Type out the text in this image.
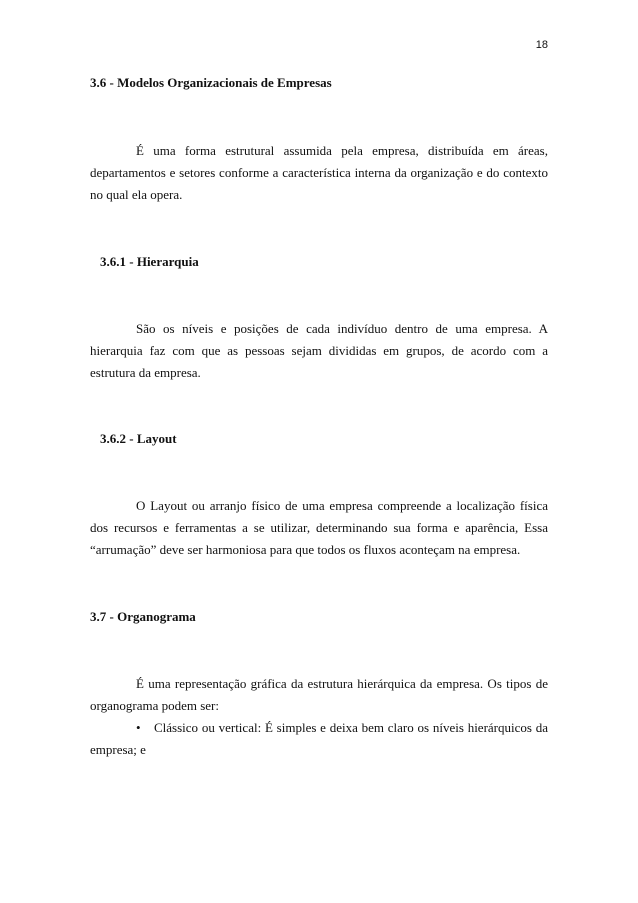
18
3.6 - Modelos Organizacionais de Empresas

É uma forma estrutural assumida pela empresa, distribuída em áreas, departamentos e setores conforme a característica interna da organização e do contexto no qual ela opera.

3.6.1 - Hierarquia

São os níveis e posições de cada indivíduo dentro de uma empresa. A hierarquia faz com que as pessoas sejam divididas em grupos, de acordo com a estrutura da empresa.

3.6.2 - Layout

O Layout ou arranjo físico de uma empresa compreende a localização física dos recursos e ferramentas a se utilizar, determinando sua forma e aparência, Essa “arrumação” deve ser harmoniosa para que todos os fluxos aconteçam na empresa.

3.7 - Organograma

É uma representação gráfica da estrutura hierárquica da empresa. Os tipos de organograma podem ser:

• Clássico ou vertical: É simples e deixa bem claro os níveis hierárquicos da empresa; e
